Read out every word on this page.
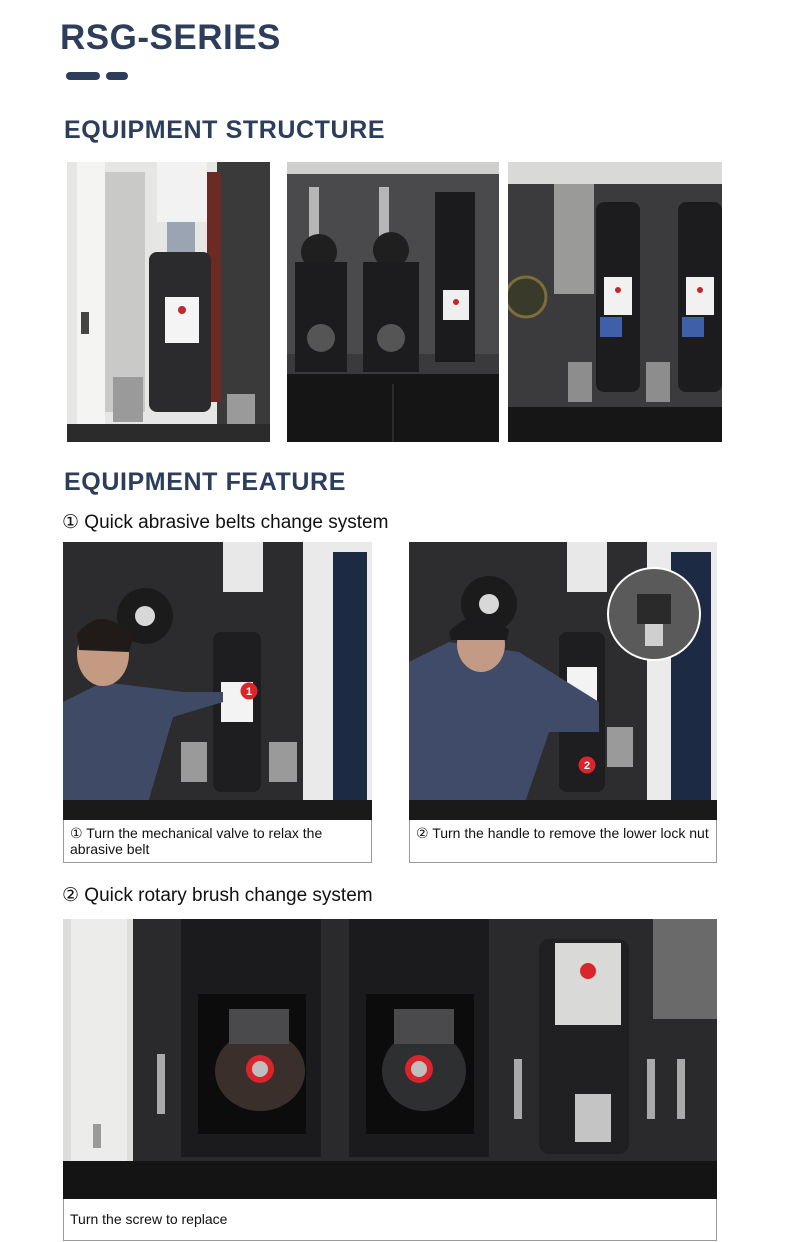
RSG-SERIES
EQUIPMENT STRUCTURE
EQUIPMENT FEATURE
① Quick abrasive belts change system
1
① Turn the mechanical valve to relax the abrasive belt
2
② Turn the handle to remove the lower lock nut
② Quick rotary brush change system
Turn the screw to replace
